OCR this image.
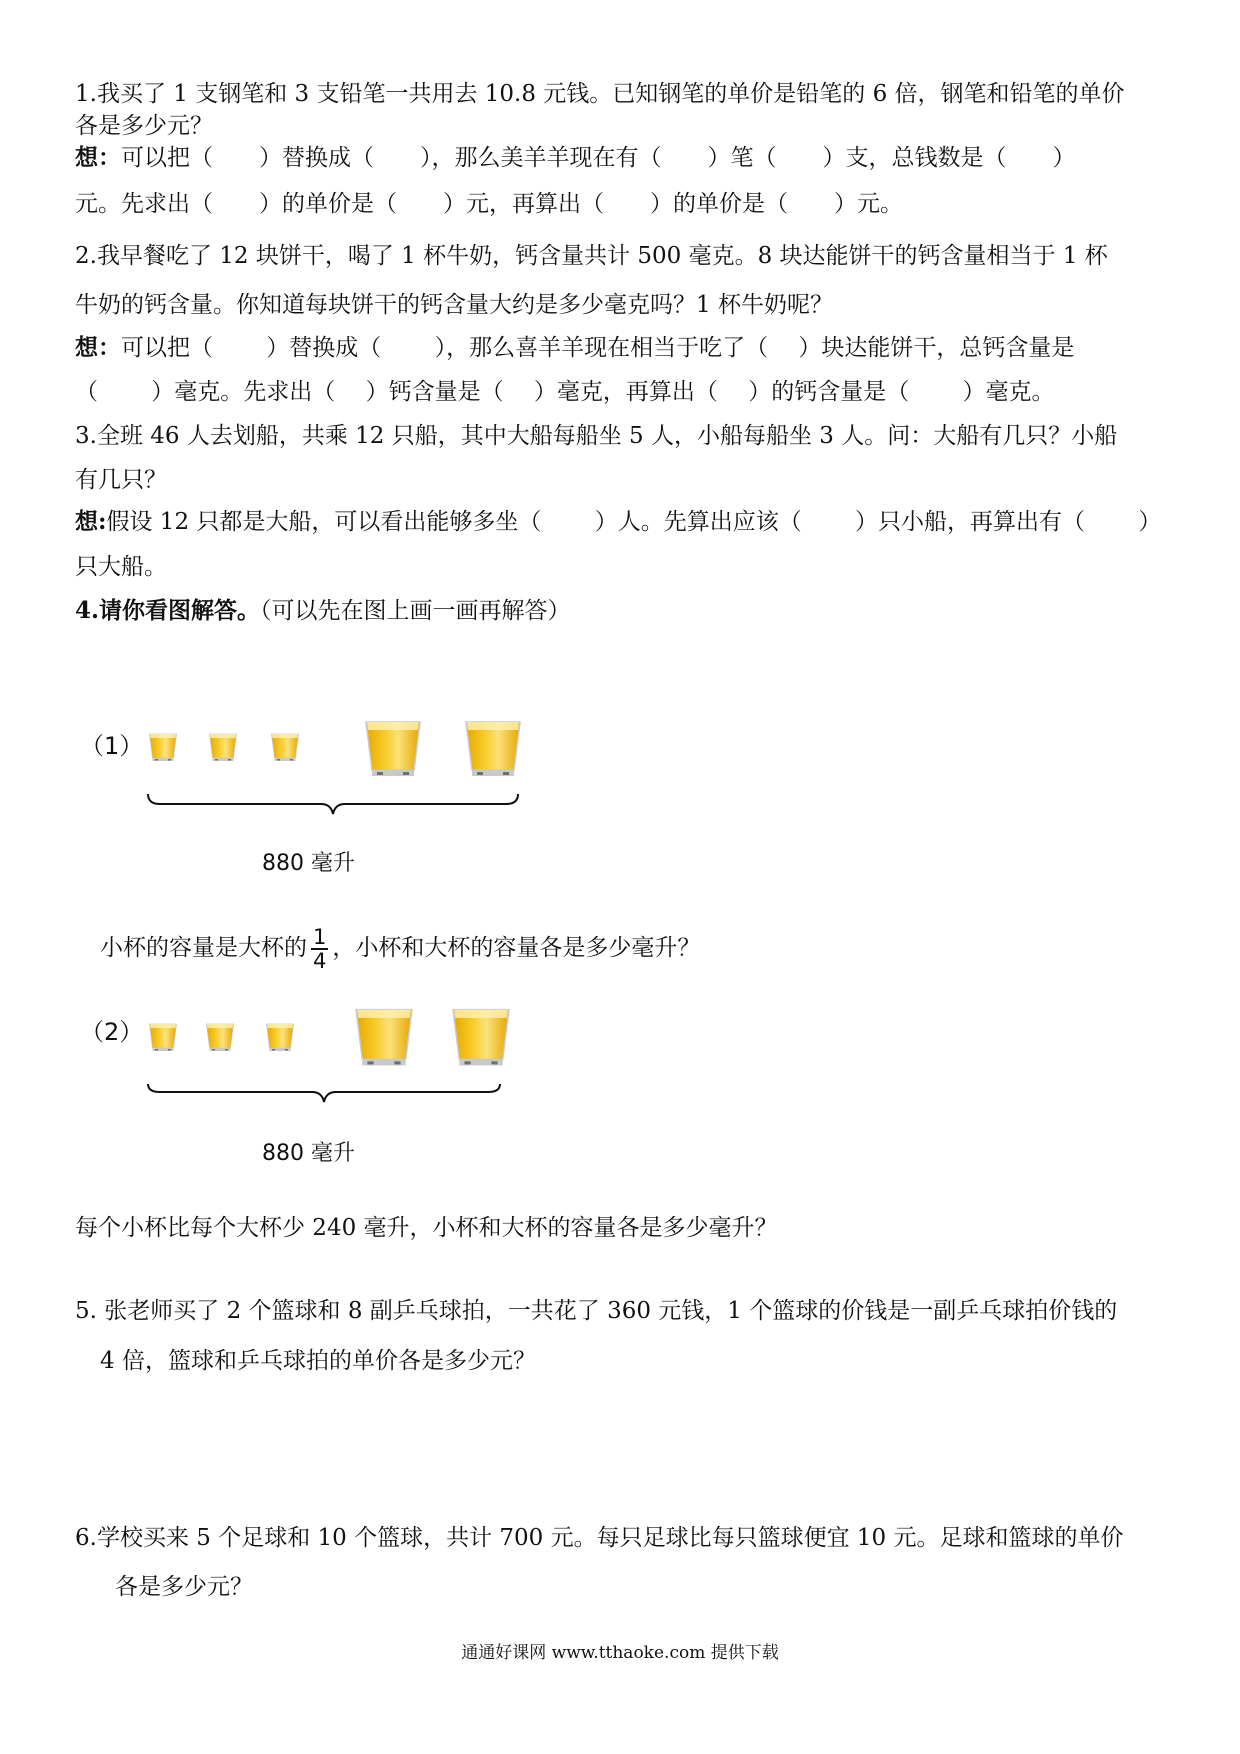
1.我买了 1 支钢笔和 3 支铅笔一共用去 10.8 元钱。已知钢笔的单价是铅笔的 6 倍，钢笔和铅笔的单价
各是多少元？
想：可以把（　　）替换成（　　），那么美羊羊现在有（　　）笔（　　）支，总钱数是（　　）
元。先求出（　　）的单价是（　　）元，再算出（　　）的单价是（　　）元。
2.我早餐吃了 12 块饼干，喝了 1 杯牛奶，钙含量共计 500 毫克。8 块达能饼干的钙含量相当于 1 杯
牛奶的钙含量。你知道每块饼干的钙含量大约是多少毫克吗？1 杯牛奶呢？
想：可以把（　　 ）替换成（　　 ），那么喜羊羊现在相当于吃了（　 ）块达能饼干，总钙含量是
（　　 ）毫克。先求出（　 ）钙含量是（　 ）毫克，再算出（　 ）的钙含量是（　　 ）毫克。
3.全班 46 人去划船，共乘 12 只船，其中大船每船坐 5 人，小船每船坐 3 人。问：大船有几只？小船
有几只？
想:假设 12 只都是大船，可以看出能够多坐（　　 ）人。先算出应该（　　 ）只小船，再算出有（　　 ）
只大船。
4.请你看图解答。（可以先在图上画一画再解答）
（1）
880 毫升
小杯的容量是大杯的 $\frac{1}{4}$ ，小杯和大杯的容量各是多少毫升？
（2）
880 毫升
每个小杯比每个大杯少 240 毫升，小杯和大杯的容量各是多少毫升？
5. 张老师买了 2 个篮球和 8 副乒乓球拍，一共花了 360 元钱，1 个篮球的价钱是一副乒乓球拍价钱的
4 倍，篮球和乒乓球拍的单价各是多少元？
6.学校买来 5 个足球和 10 个篮球，共计 700 元。每只足球比每只篮球便宜 10 元。足球和篮球的单价
各是多少元？
通通好课网 www.tthaoke.com 提供下载
